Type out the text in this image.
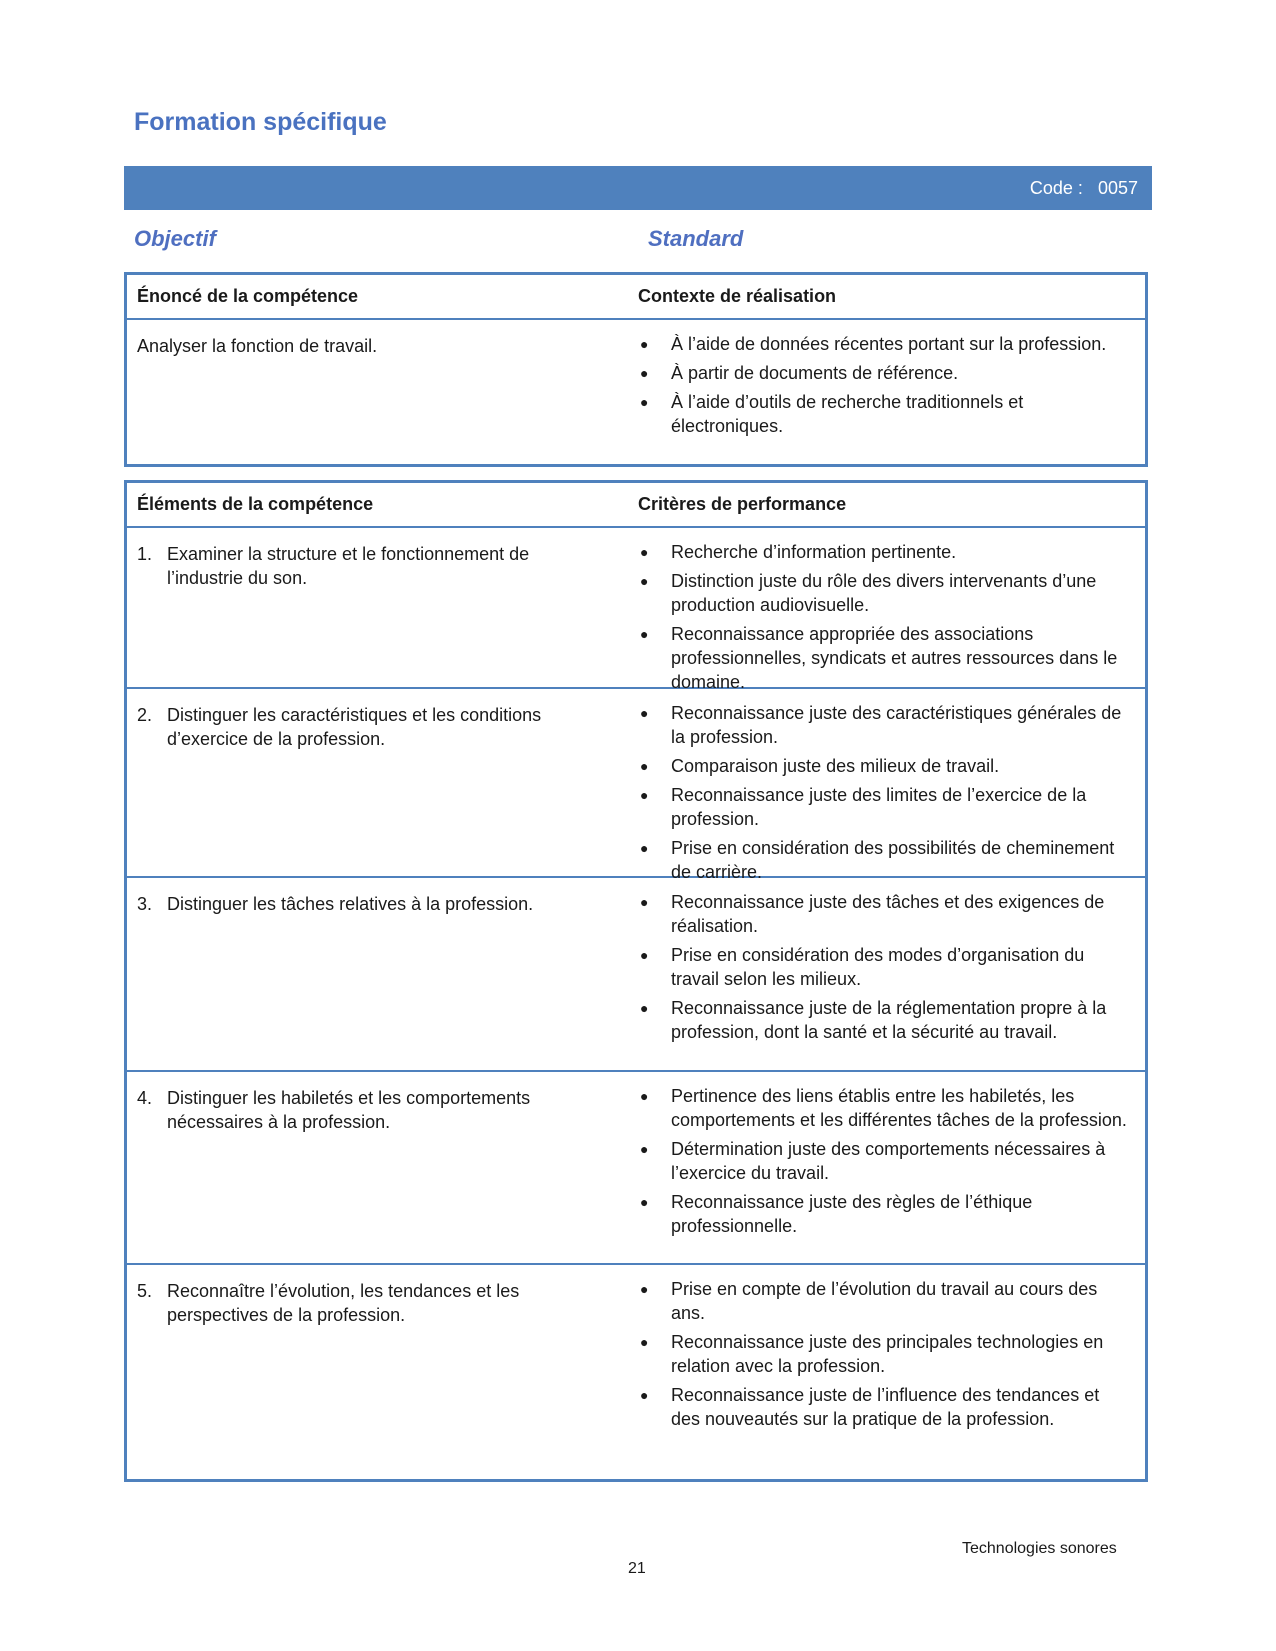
Formation spécifique
Code : 0057
Objectif	Standard
Énoncé de la compétence	Contexte de réalisation
Analyser la fonction de travail.	●	À l’aide de données récentes portant sur la profession.
●	À partir de documents de référence.
●	À l’aide d’outils de recherche traditionnels et électroniques.
Éléments de la compétence	Critères de performance
1. Examiner la structure et le fonctionnement de l’industrie du son.
●	Recherche d’information pertinente.
●	Distinction juste du rôle des divers intervenants d’une production audiovisuelle.
●	Reconnaissance appropriée des associations professionnelles, syndicats et autres ressources dans le domaine.
2. Distinguer les caractéristiques et les conditions d’exercice de la profession.
●	Reconnaissance juste des caractéristiques générales de la profession.
●	Comparaison juste des milieux de travail.
●	Reconnaissance juste des limites de l’exercice de la profession.
●	Prise en considération des possibilités de cheminement de carrière.
3. Distinguer les tâches relatives à la profession.	●	Reconnaissance juste des tâches et des exigences de réalisation.
●	Prise en considération des modes d’organisation du travail selon les milieux.
●	Reconnaissance juste de la réglementation propre à la profession, dont la santé et la sécurité au travail.
4. Distinguer les habiletés et les comportements nécessaires à la profession.
●	Pertinence des liens établis entre les habiletés, les comportements et les différentes tâches de la profession.
●	Détermination juste des comportements nécessaires à l’exercice du travail.
●	Reconnaissance juste des règles de l’éthique professionnelle.
5. Reconnaître l’évolution, les tendances et les perspectives de la profession.
●	Prise en compte de l’évolution du travail au cours des ans.
●	Reconnaissance juste des principales technologies en relation avec la profession.
●	Reconnaissance juste de l’influence des tendances et des nouveautés sur la pratique de la profession.
Technologies sonores
21
